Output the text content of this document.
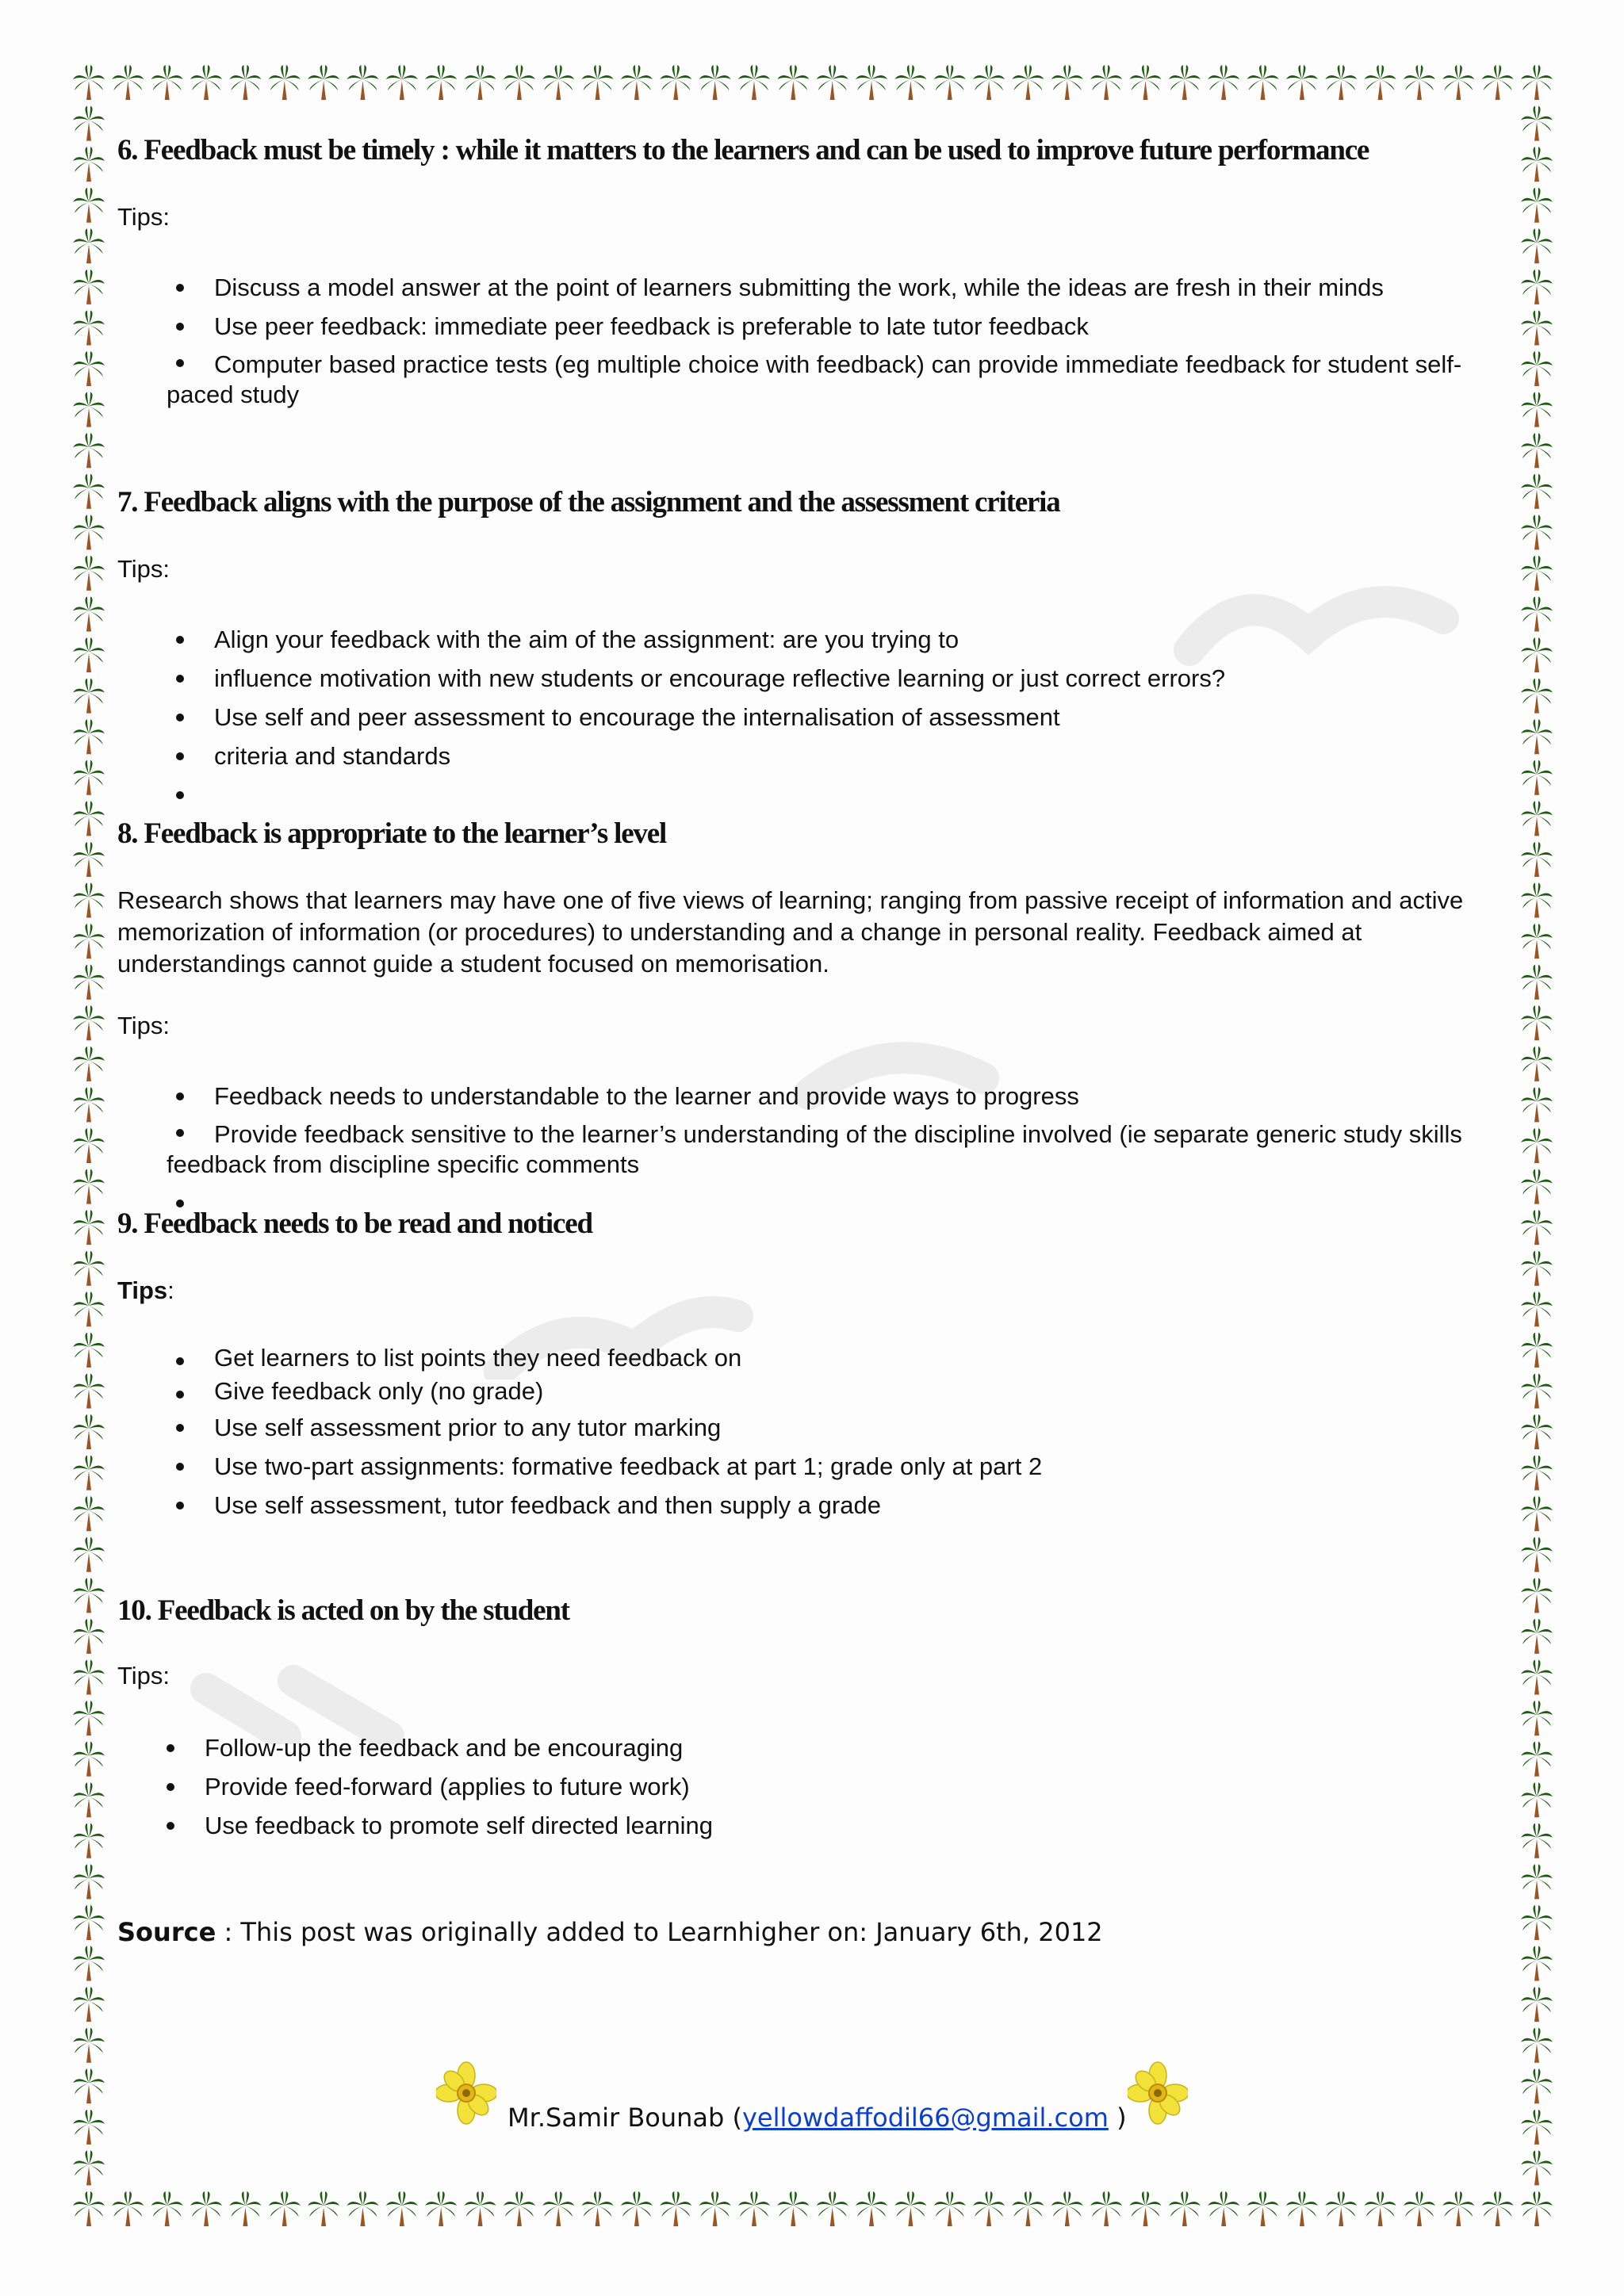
6. Feedback must be timely : while it matters to the learners and can be used to improve future performance

Tips:

Discuss a model answer at the point of learners submitting the work, while the ideas are fresh in their minds
Use peer feedback: immediate peer feedback is preferable to late tutor feedback
Computer based practice tests (eg multiple choice with feedback) can provide immediate feedback for student self-paced study
7. Feedback aligns with the purpose of the assignment and the assessment criteria

Tips:

Align your feedback with the aim of the assignment: are you trying to
influence motivation with new students or encourage reflective learning or just correct errors?
Use self and peer assessment to encourage the internalisation of assessment
criteria and standards
8. Feedback is appropriate to the learner’s level

Research shows that learners may have one of five views of learning; ranging from passive receipt of information and active memorization of information (or procedures) to understanding and a change in personal reality. Feedback aimed at understandings cannot guide a student focused on memorisation.

Tips:

Feedback needs to understandable to the learner and provide ways to progress
Provide feedback sensitive to the learner’s understanding of the discipline involved (ie separate generic study skills feedback from discipline specific comments
9. Feedback needs to be read and noticed

Tips:

Get learners to list points they need feedback on
Give feedback only (no grade)
Use self assessment prior to any tutor marking
Use two-part assignments: formative feedback at part 1; grade only at part 2
Use self assessment, tutor feedback and then supply a grade
10. Feedback is acted on by the student

Tips:

Follow-up the feedback and be encouraging
Provide feed-forward (applies to future work)
Use feedback to promote self directed learning

Source : This post was originally added to Learnhigher on: January 6th, 2012

Mr.Samir Bounab (yellowdaffodil66@gmail.com )
